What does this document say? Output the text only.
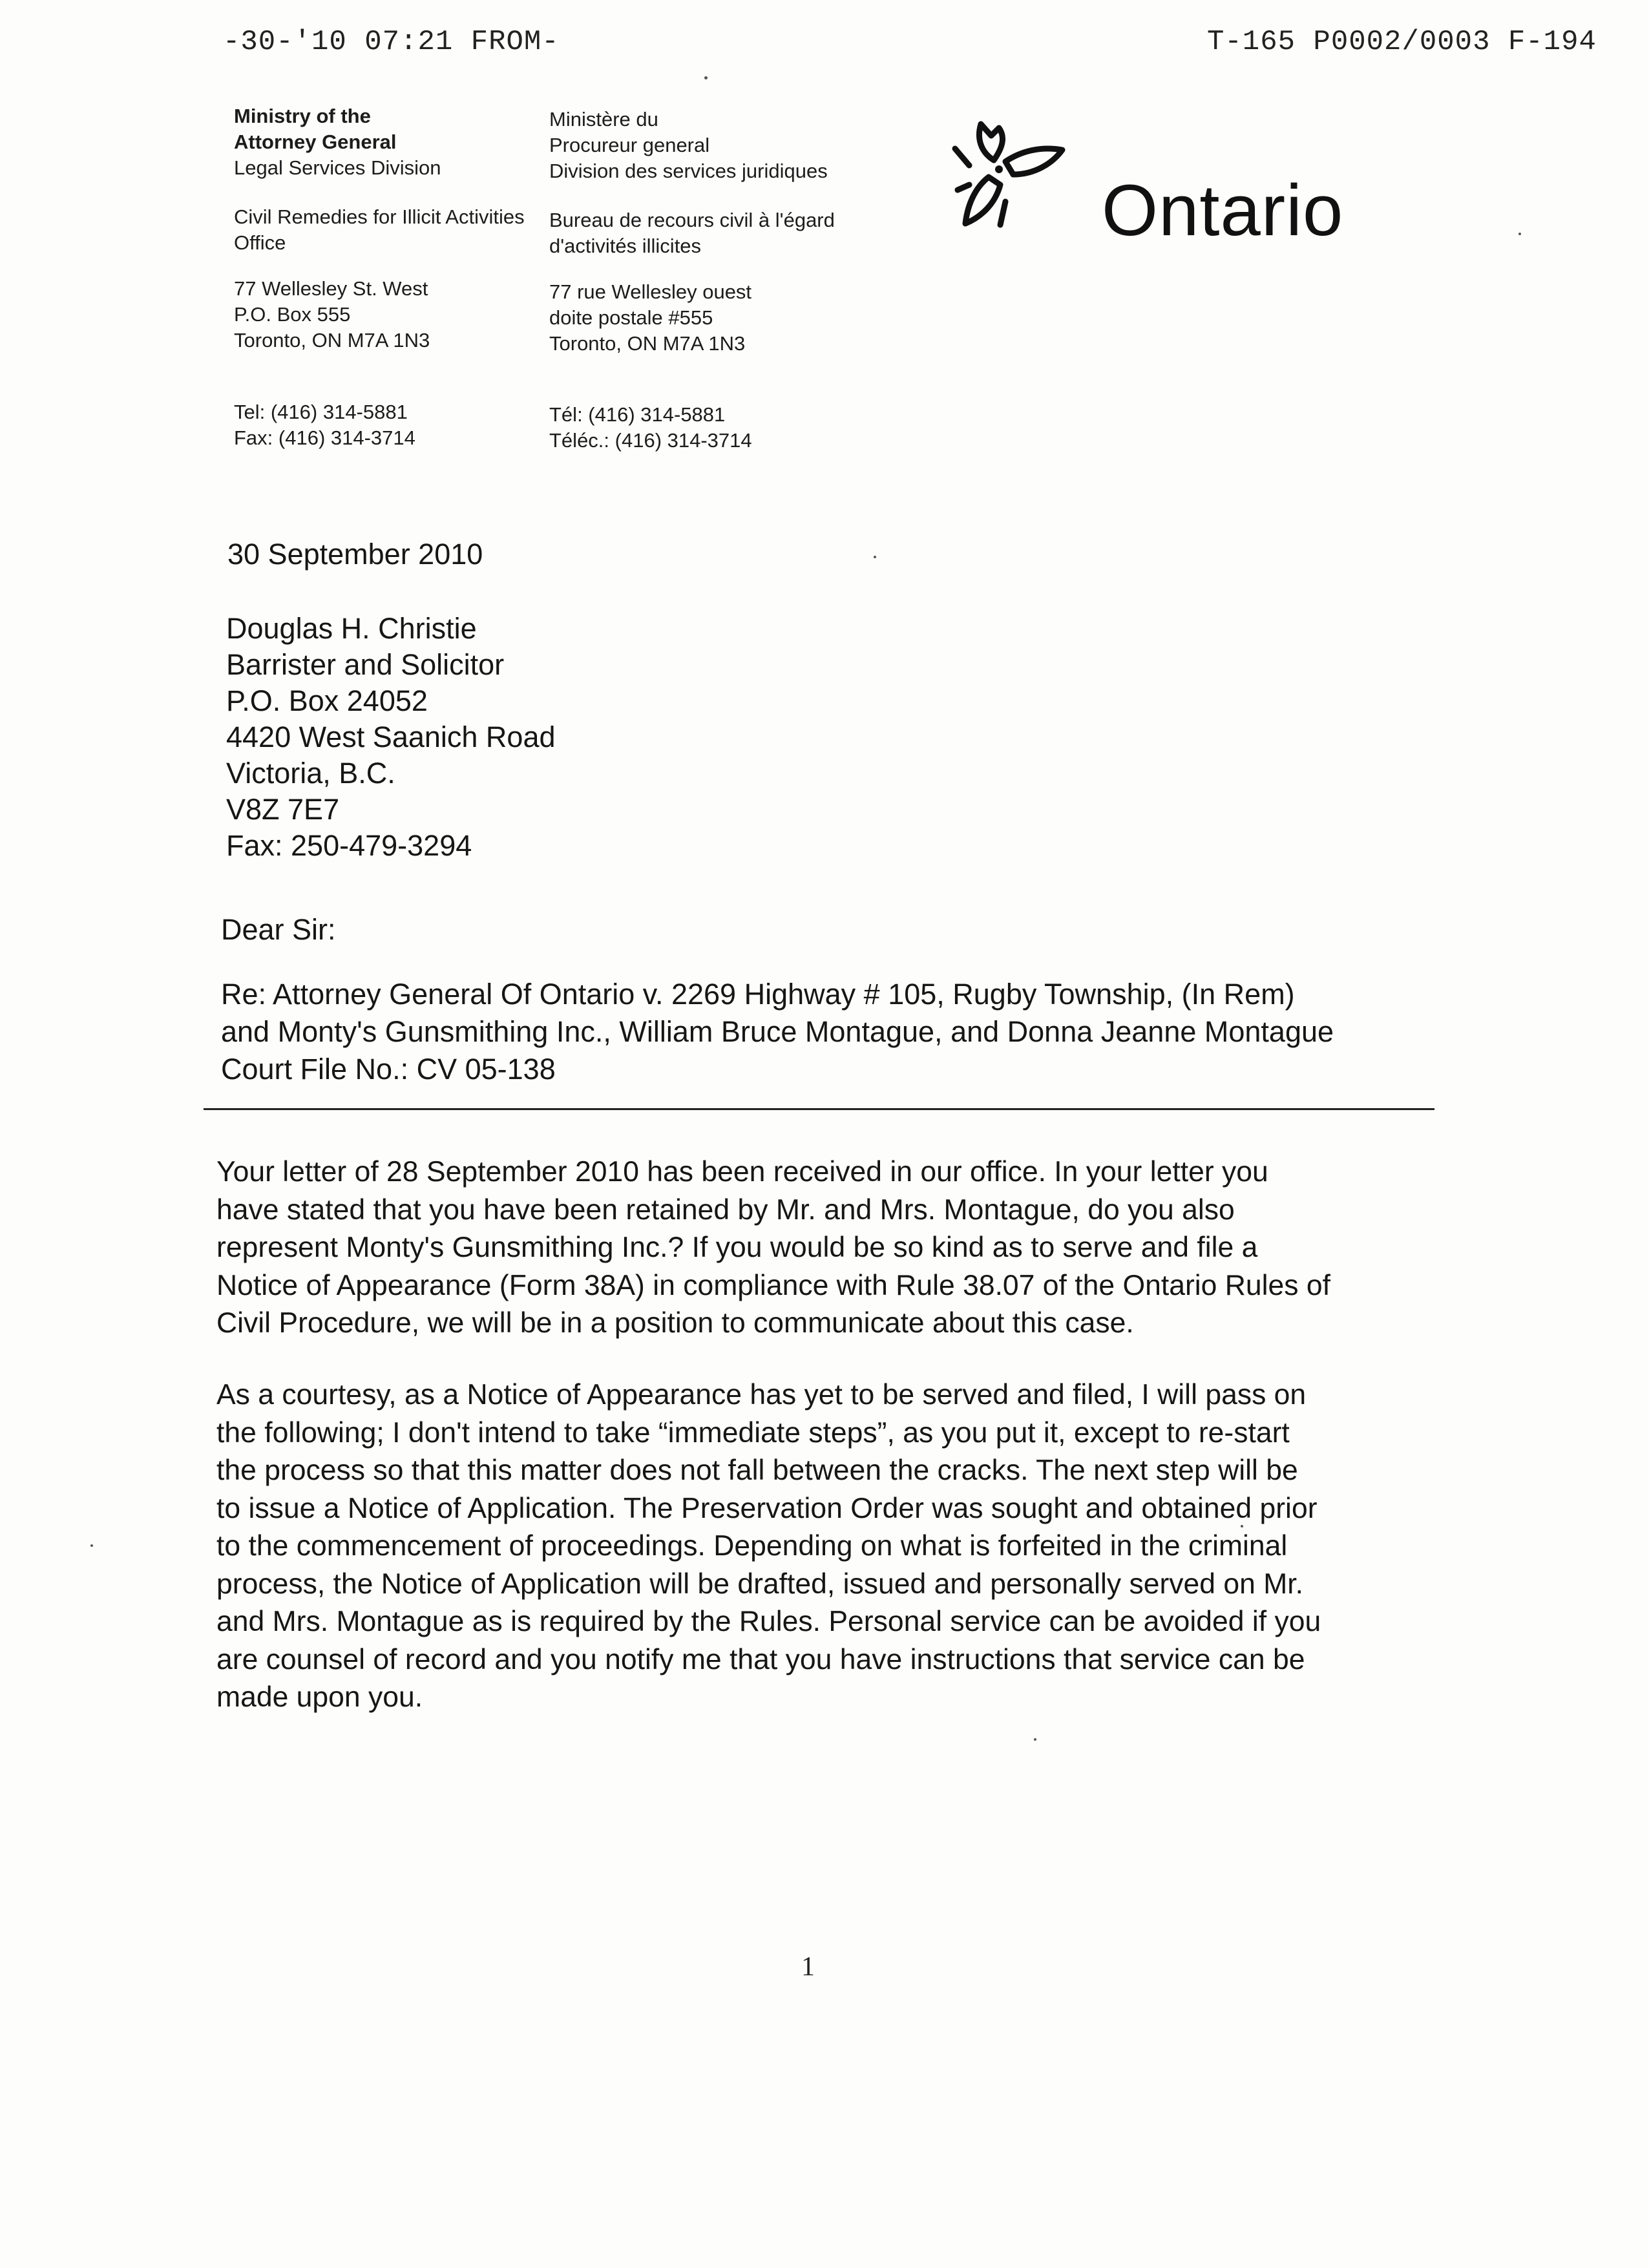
-30-'10 07:21 FROM-	T-165 P0002/0003 F-194
Ministry of the
Attorney General
Legal Services Division
Civil Remedies for Illicit Activities
Office
77 Wellesley St. West
P.O. Box 555
Toronto, ON M7A 1N3
Tel: (416) 314-5881
Fax: (416) 314-3714
Ministère du
Procureur general
Division des services juridiques
Bureau de recours civil à l'égard
d'activités illicites
77 rue Wellesley ouest
doite postale #555
Toronto, ON M7A 1N3
Tél: (416) 314-5881
Téléc.: (416) 314-3714
Ontario
30 September 2010
Douglas H. Christie
Barrister and Solicitor
P.O. Box 24052
4420 West Saanich Road
Victoria, B.C.
V8Z 7E7
Fax: 250-479-3294
Dear Sir:
Re: Attorney General Of Ontario v. 2269 Highway # 105, Rugby Township, (In Rem)
and Monty's Gunsmithing Inc., William Bruce Montague, and Donna Jeanne Montague
Court File No.: CV 05-138
Your letter of 28 September 2010 has been received in our office. In your letter you
have stated that you have been retained by Mr. and Mrs. Montague, do you also
represent Monty's Gunsmithing Inc.? If you would be so kind as to serve and file a
Notice of Appearance (Form 38A) in compliance with Rule 38.07 of the Ontario Rules of
Civil Procedure, we will be in a position to communicate about this case.
As a courtesy, as a Notice of Appearance has yet to be served and filed, I will pass on
the following; I don't intend to take “immediate steps”, as you put it, except to re-start
the process so that this matter does not fall between the cracks. The next step will be
to issue a Notice of Application. The Preservation Order was sought and obtained prior
to the commencement of proceedings. Depending on what is forfeited in the criminal
process, the Notice of Application will be drafted, issued and personally served on Mr.
and Mrs. Montague as is required by the Rules. Personal service can be avoided if you
are counsel of record and you notify me that you have instructions that service can be
made upon you.
1
